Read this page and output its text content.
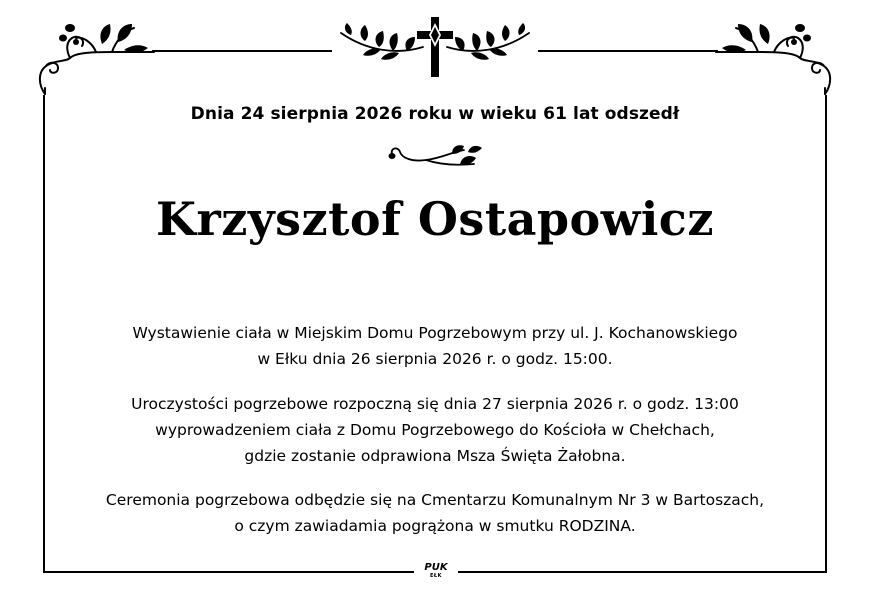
Dnia 24 sierpnia 2026 roku w wieku 61 lat odszedł
Krzysztof Ostapowicz
Wystawienie ciała w Miejskim Domu Pogrzebowym przy ul. J. Kochanowskiego
w Ełku dnia 26 sierpnia 2026 r. o godz. 15:00.
Uroczystości pogrzebowe rozpoczną się dnia 27 sierpnia 2026 r. o godz. 13:00
wyprowadzeniem ciała z Domu Pogrzebowego do Kościoła w Chełchach,
gdzie zostanie odprawiona Msza Święta Żałobna.
Ceremonia pogrzebowa odbędzie się na Cmentarzu Komunalnym Nr 3 w Bartoszach,
o czym zawiadamia pogrążona w smutku RODZINA.
PUK
EŁK
